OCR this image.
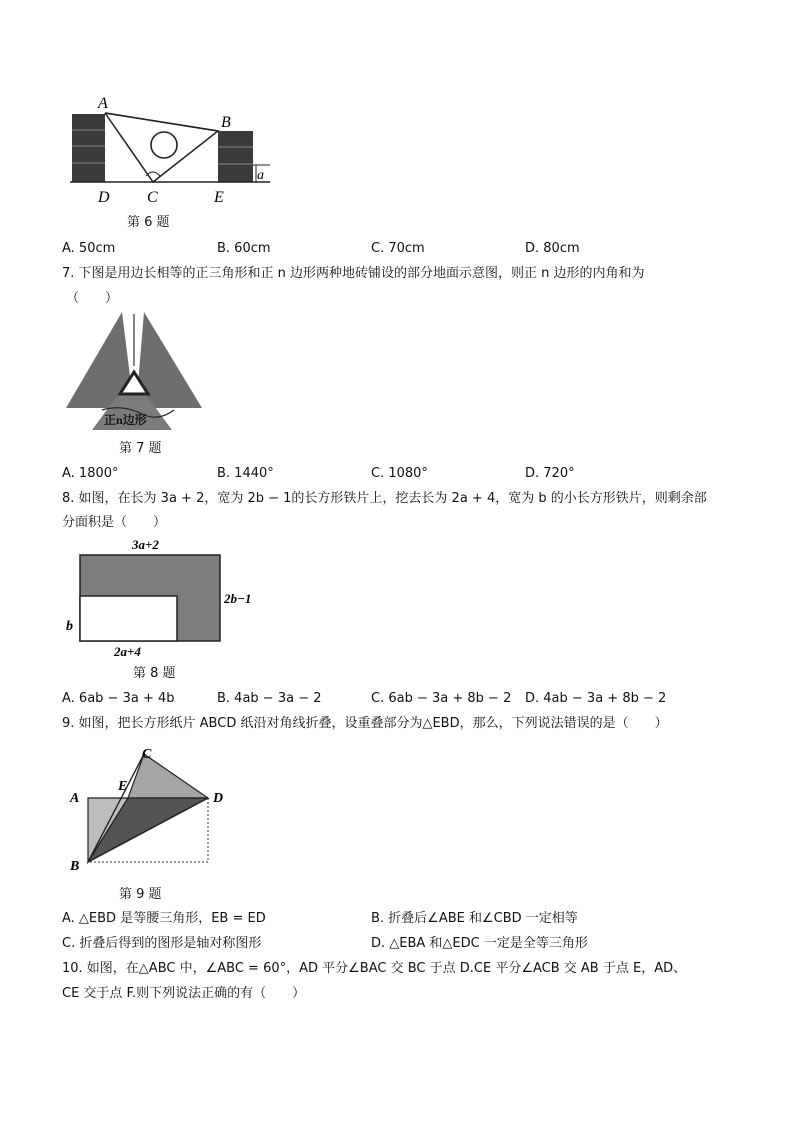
A
B
C
D	E
a
第 6 题
A. 50cm	B. 60cm	C. 70cm	D. 80cm
7. 下图是用边长相等的正三角形和正 n 边形两种地砖铺设的部分地面示意图，则正 n 边形的内角和为
（　　）
正n边形
第 7 题
A. 1800°	B. 1440°	C. 1080°	D. 720°
8. 如图，在长为 3a + 2，宽为 2b − 1的长方形铁片上，挖去长为 2a + 4，宽为 b 的小长方形铁片，则剩余部
分面积是（　　）
3a+2
2b−1
b
2a+4
第 8 题
A. 6ab − 3a + 4b	B. 4ab − 3a − 2	C. 6ab − 3a + 8b − 2 D. 4ab − 3a + 8b − 2
9. 如图，把长方形纸片 ABCD 纸沿对角线折叠，设重叠部分为△EBD，那么，下列说法错误的是（　　）
C
E
A	D
B
第 9 题
A. △EBD 是等腰三角形，EB = ED	B. 折叠后∠ABE 和∠CBD 一定相等
C. 折叠后得到的图形是轴对称图形	D. △EBA 和△EDC 一定是全等三角形
10. 如图，在△ABC 中，∠ABC = 60°，AD 平分∠BAC 交 BC 于点 D.CE 平分∠ACB 交 AB 于点 E，AD、
CE 交于点 F.则下列说法正确的有（　　）
